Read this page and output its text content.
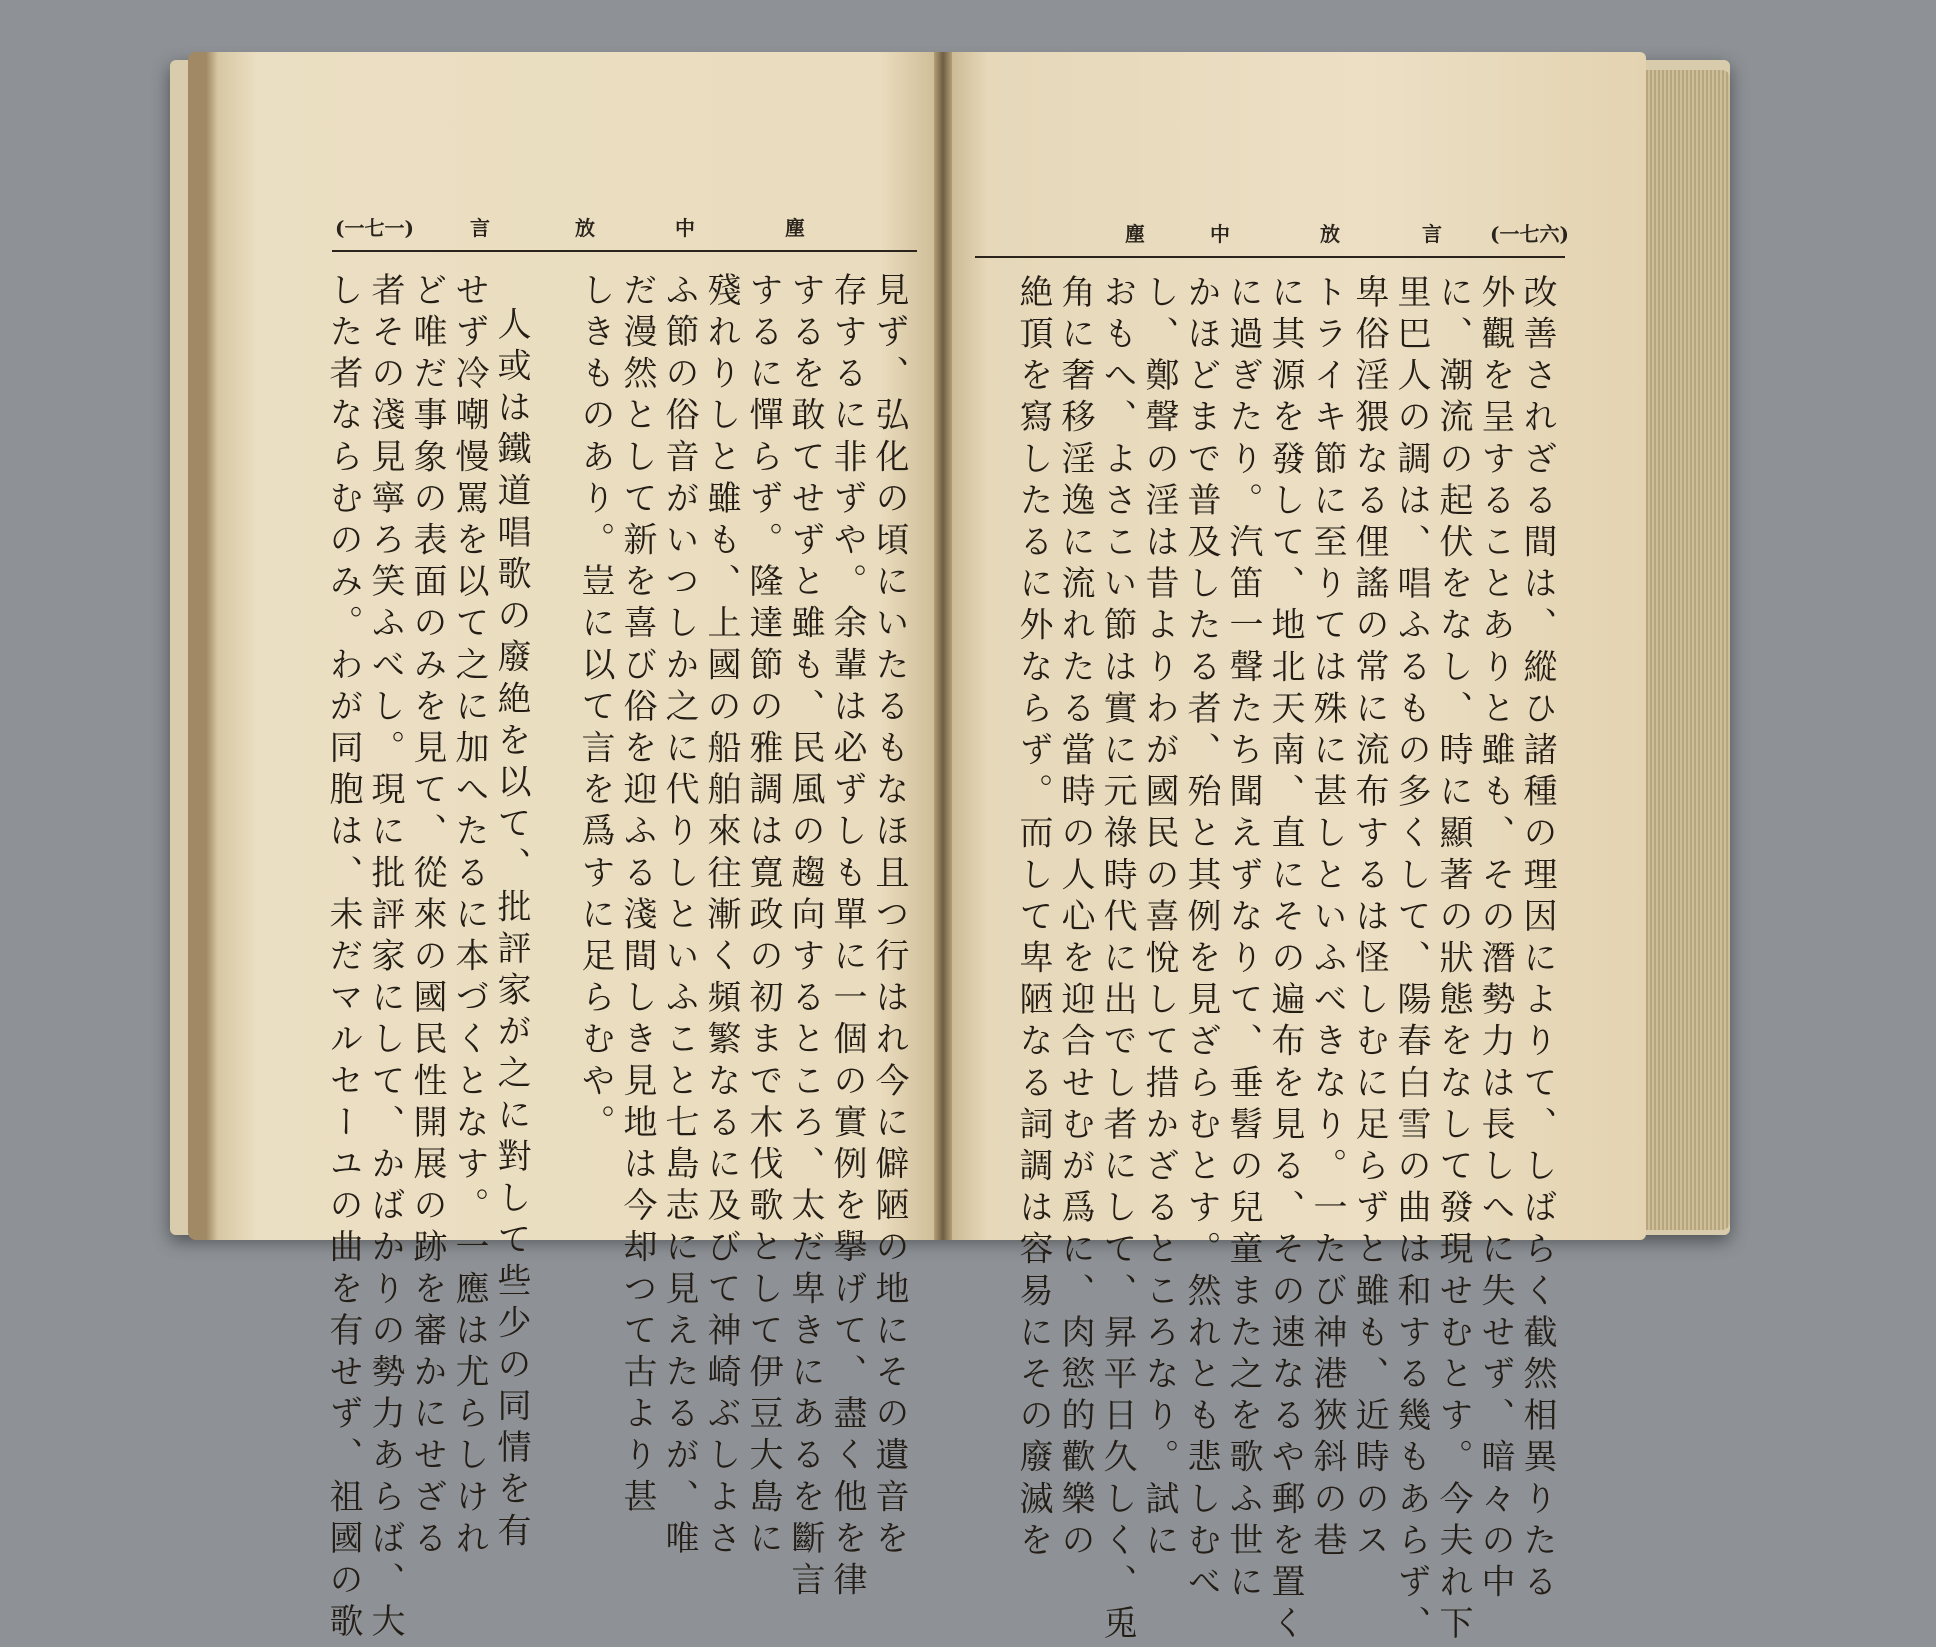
(一七一)	言	放	中	塵	塵	中	放	言 (一七六)
見ず、弘化の頃にいたるもなほ且つ行はれ今に僻陋の地にその遺音を
存するに非ずや。余輩は必ずしも單に一個の實例を擧げて、盡く他を律
するを敢てせずと雖も、民風の趨向するところ、太だ卑きにあるを斷言
するに憚らず。隆達節の雅調は寛政の初まで木伐歌として伊豆大島に
殘れりしと雖も、上國の船舶來往漸く頻繁なるに及びて神崎ぶしよさ
ふ節の俗音がいつしか之に代りしといふこと七島志に見えたるが、唯
だ漫然として新を喜び俗を迎ふる淺間しき見地は今却つて古より甚
しきものあり。豈に以て言を爲すに足らむや。
人或は鐵道唱歌の廢絶を以て、批評家が之に對して些少の同情を有
せず冷嘲慢罵を以て之に加へたるに本づくとなす。一應は尤らしけれ
ど唯だ事象の表面のみを見て、從來の國民性開展の跡を審かにせざる
者その淺見寧ろ笑ふべし。現に批評家にして、かばかりの勢力あらば、大
した者ならむのみ。わが同胞は、未だマルセーユの曲を有せず、祖國の歌	改善されざる間は、縱ひ諸種の理因によりて、しばらく截然相異りたる
外觀を呈することありと雖も、その潛勢力は長しへに失せず、暗々の中
に、潮流の起伏をなし、時に顯著の狀態をなして發現せむとす。今夫れ下
里巴人の調は、唱ふるもの多くして、陽春白雪の曲は和する幾もあらず、
卑俗淫猥なる俚謠の常に流布するは怪しむに足らずと雖も、近時のス
トライキ節に至りては殊に甚しといふべきなり。一たび神港狹斜の巷
に其源を發して、地北天南、直にその遍布を見る、その速なるや郵を置く
に過ぎたり。汽笛一聲たち聞えずなりて、垂髫の兒童また之を歌ふ世に
かほどまで普及したる者、殆と其例を見ざらむとす。然れとも悲しむべ
し、鄭聲の淫は昔よりわが國民の喜悅して措かざるところなり。試に
おもへ、よさこい節は實に元祿時代に出でし者にして、昇平日久しく、兎
角に奢移淫逸に流れたる當時の人心を迎合せむが爲に、肉慾的歡樂の
絶頂を寫したるに外ならず。而して卑陋なる詞調は容易にその廢滅を
